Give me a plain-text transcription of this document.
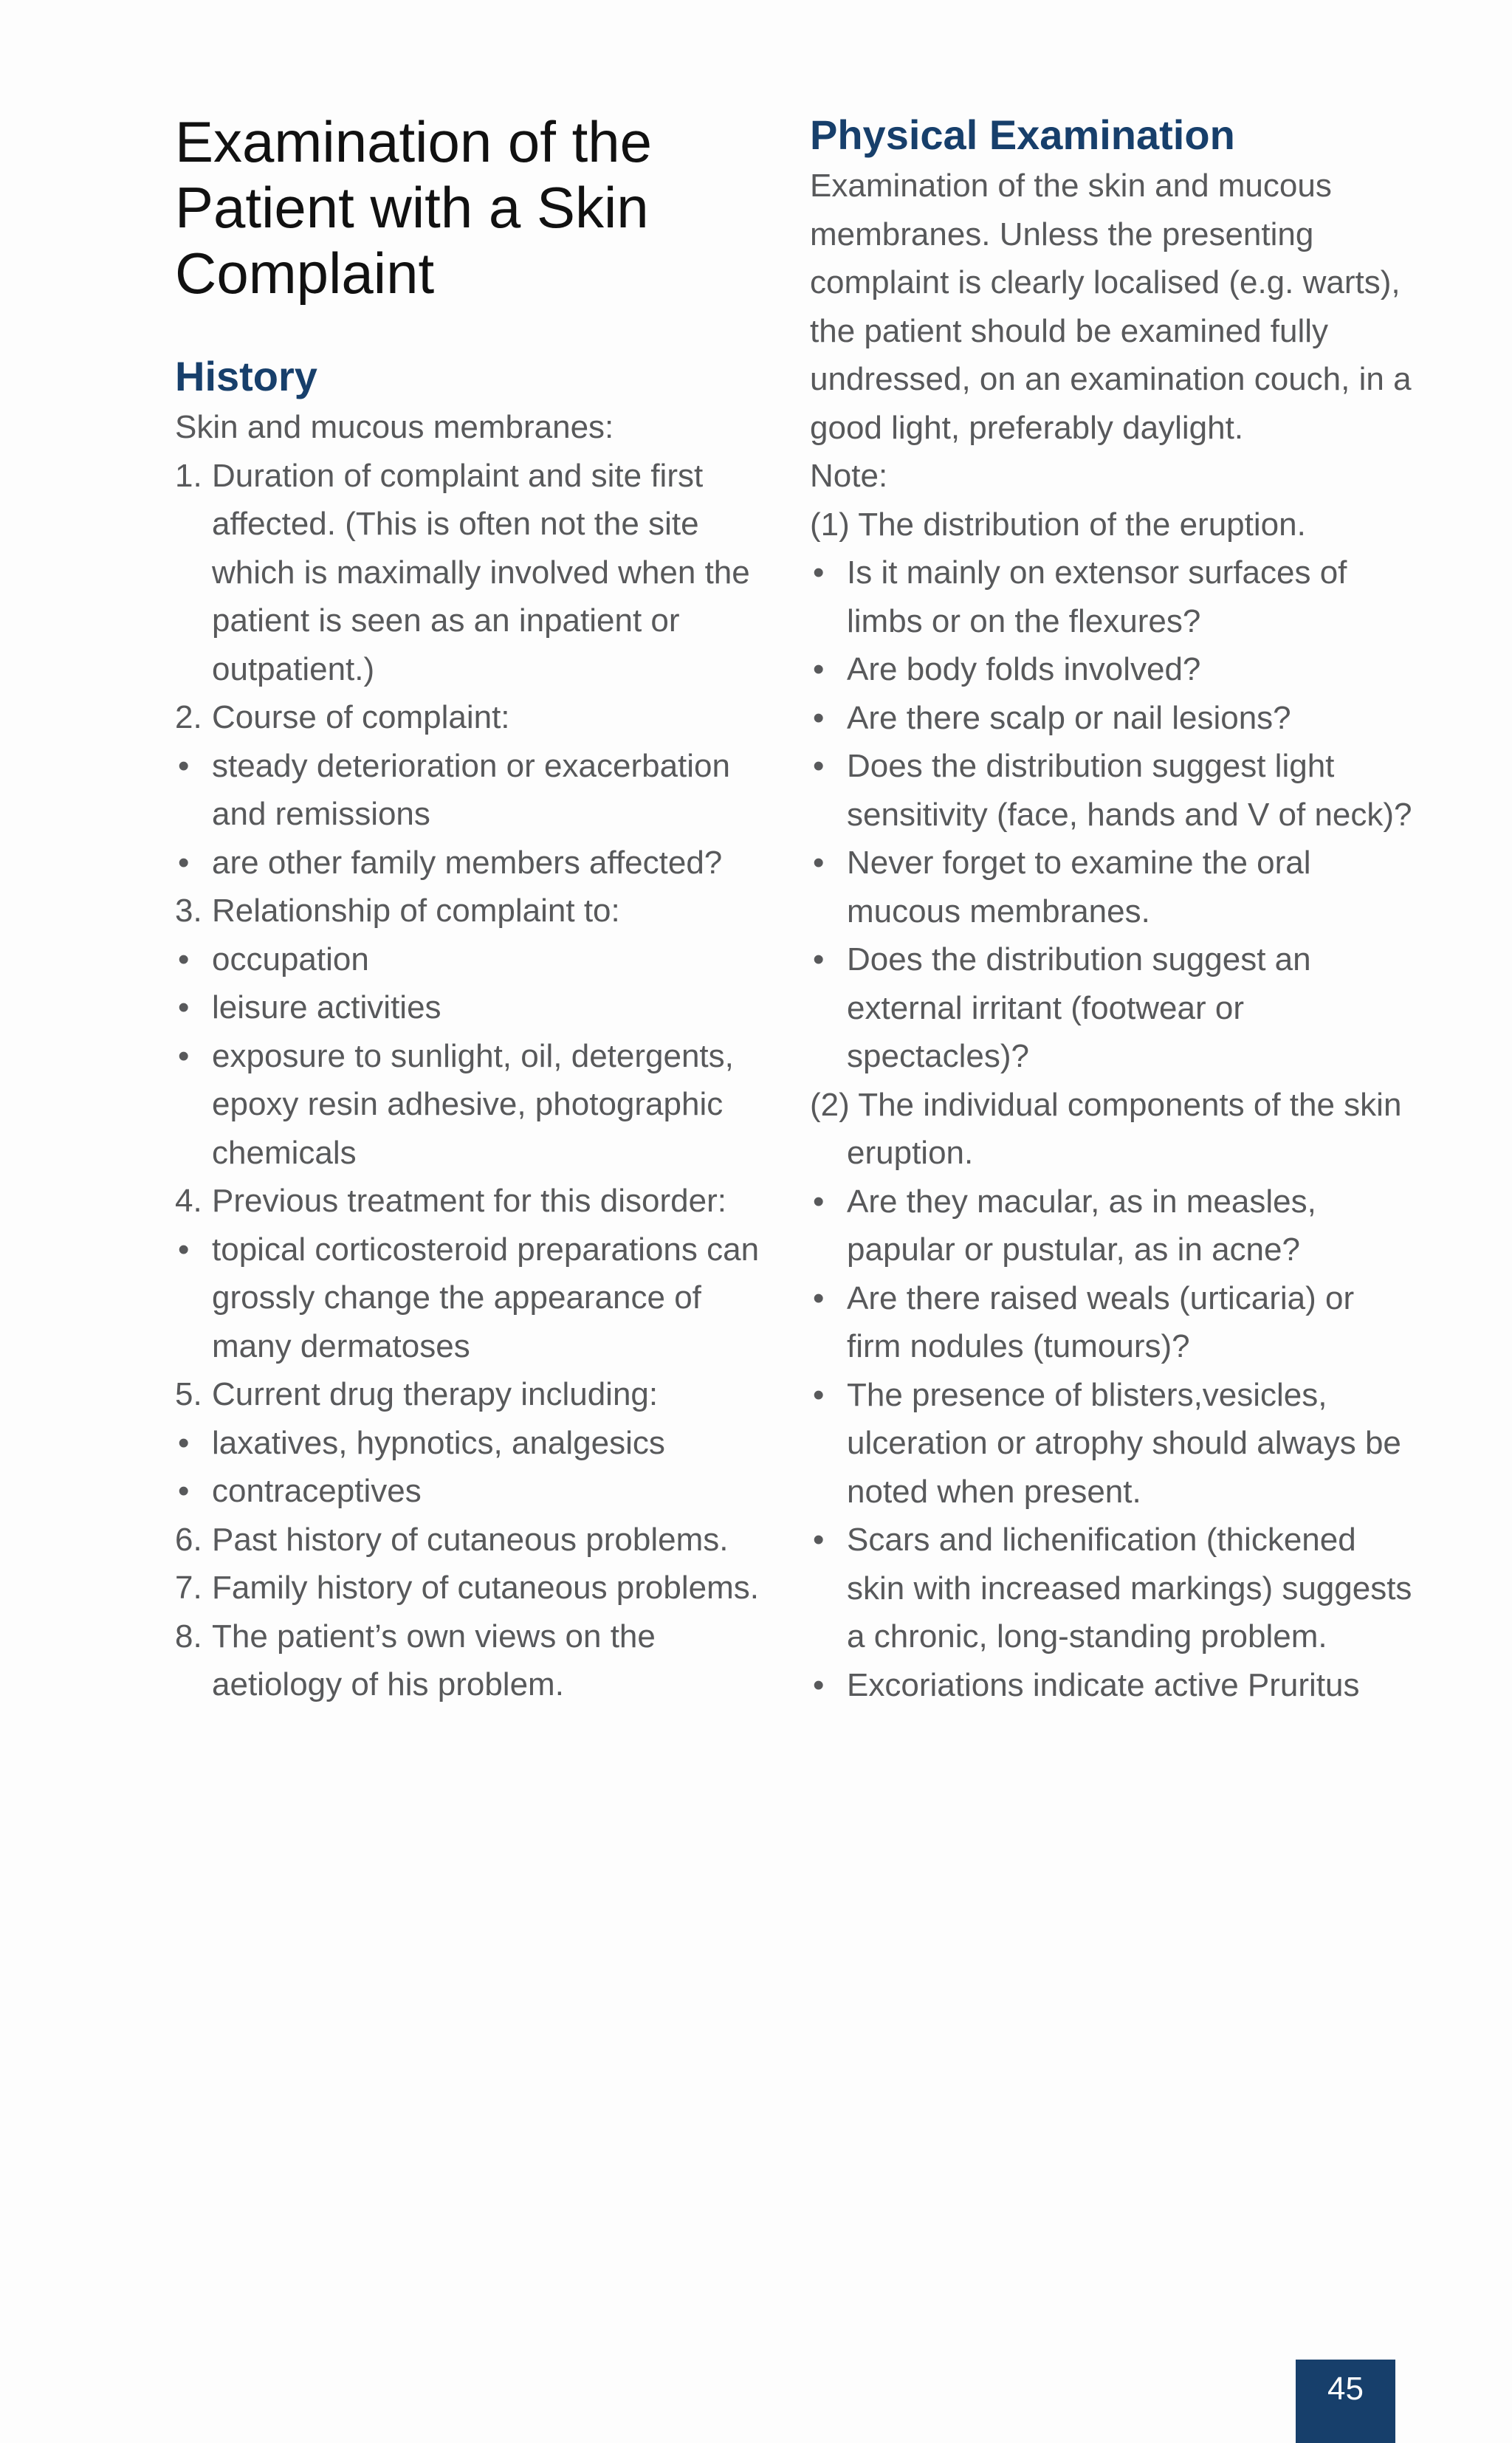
Examination of the Patient with a Skin Complaint
History
Skin and mucous membranes:
1. Duration of complaint and site first affected. (This is often not the site which is maximally involved when the patient is seen as an inpatient or outpatient.)
2. Course of complaint:
•
steady deterioration or exacerbation and remissions
•
are other family members affected?
3. Relationship of complaint to:
•
occupation
•
leisure activities
•
exposure to sunlight, oil, detergents, epoxy resin adhesive, photographic chemicals
4. Previous treatment for this disorder:
•
topical corticosteroid preparations can grossly change the appearance of many dermatoses
5. Current drug therapy including:
•
laxatives, hypnotics, analgesics
•
contraceptives
6. Past history of cutaneous problems.
7. Family history of cutaneous problems.
8. The patient’s own views on the aetiology of his problem.
Physical Examination
Examination of the skin and mucous membranes. Unless the presenting complaint is clearly localised (e.g. warts), the patient should be examined fully undressed, on an examination couch, in a good light, preferably daylight.
Note:
(1) The distribution of the eruption.
•
Is it mainly on extensor surfaces of limbs or on the flexures?
•
Are body folds involved?
•
Are there scalp or nail lesions?
•
Does the distribution suggest light sensitivity (face, hands and V of neck)?
•
Never forget to examine the oral mucous membranes.
•
Does the distribution suggest an external irritant (footwear or spectacles)?
(2) The individual components of the skin eruption.
•
Are they macular, as in measles, papular or pustular, as in acne?
•
Are there raised weals (urticaria) or firm nodules (tumours)?
•
The presence of blisters,vesicles, ulceration or atrophy should always be noted when present.
•
Scars and lichenification (thickened skin with increased markings) suggests a chronic, long-standing problem.
•
Excoriations indicate active Pruritus
45
